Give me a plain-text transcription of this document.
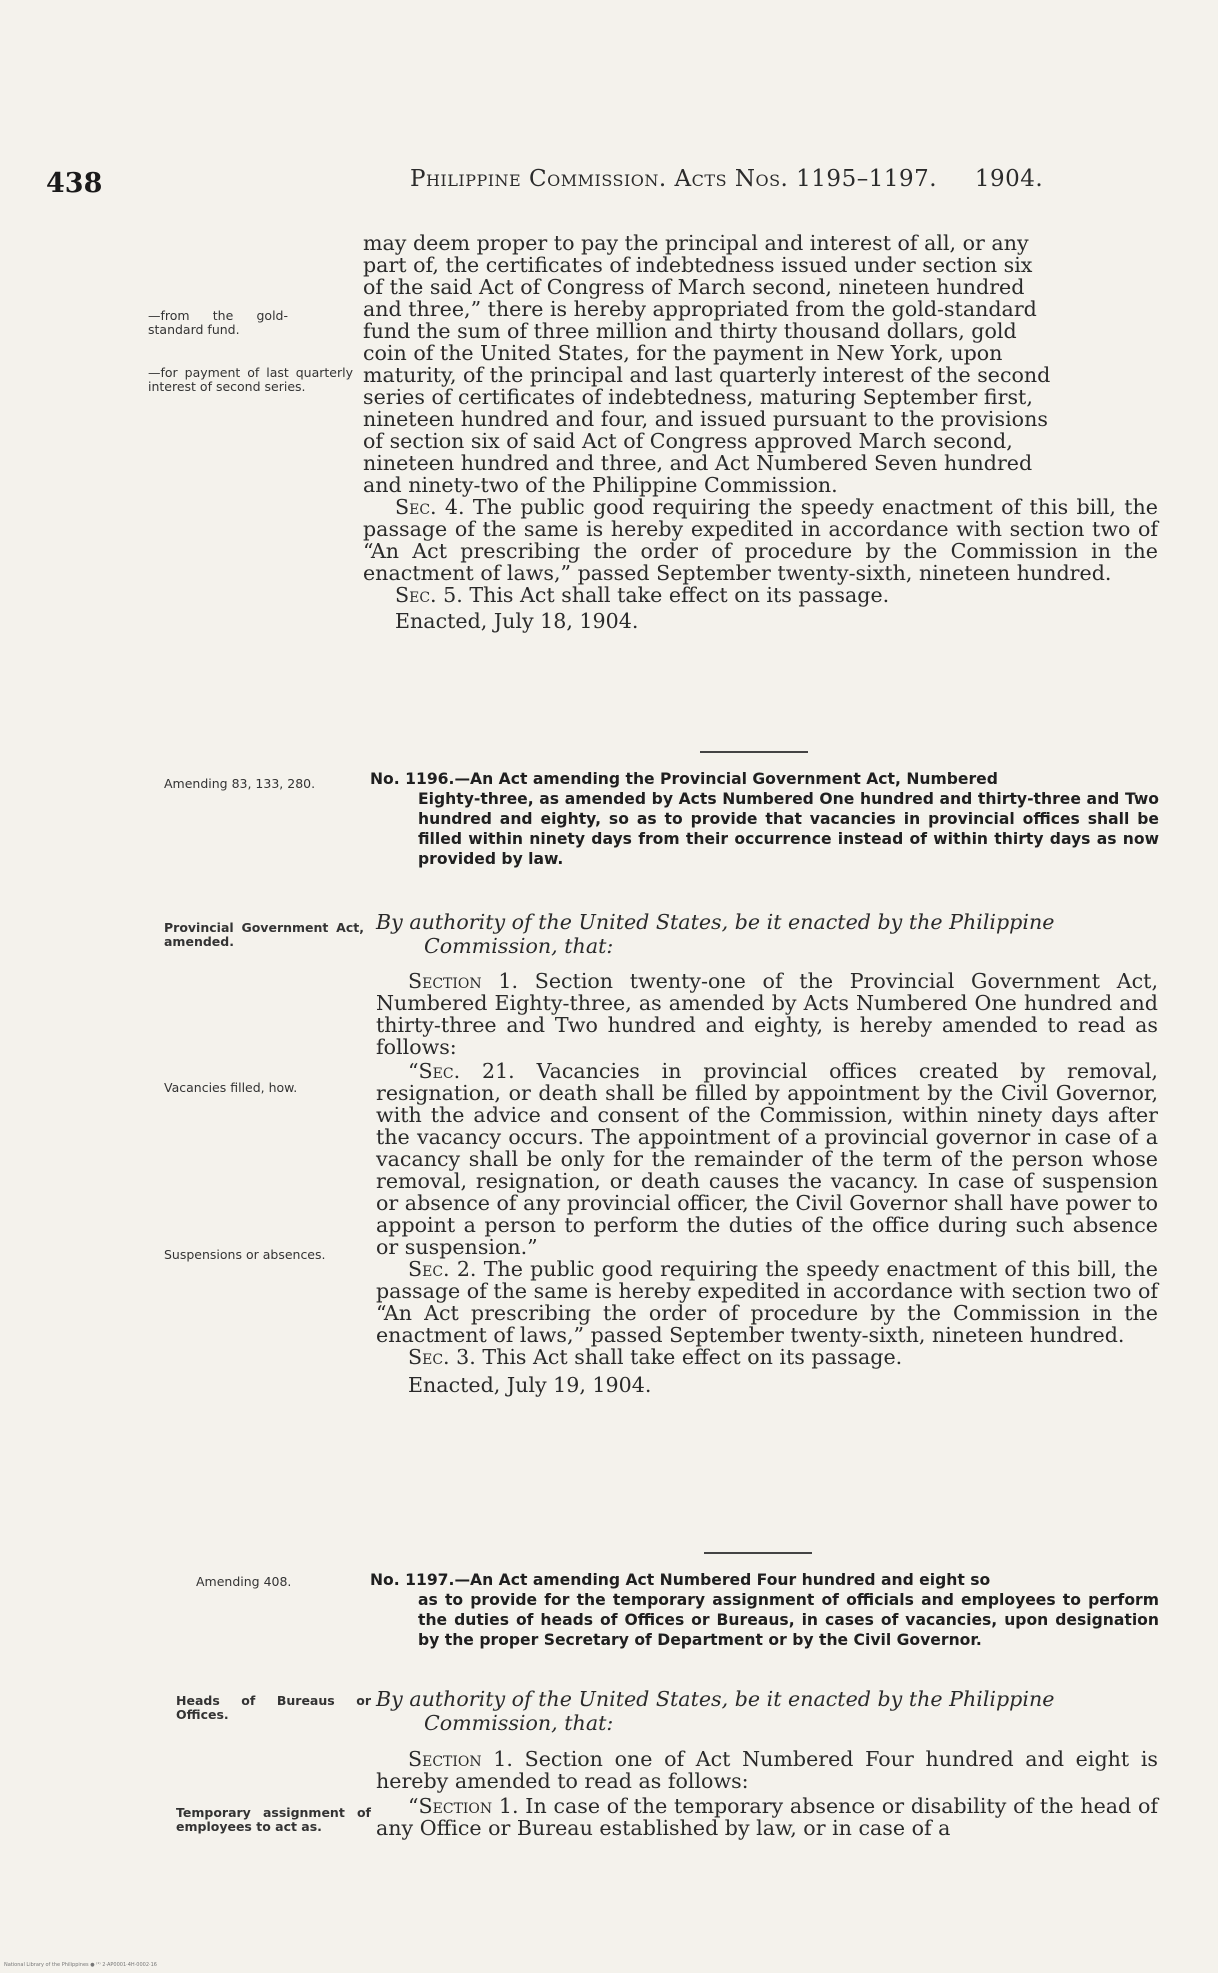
438	Philippine Commission. Acts Nos. 1195–1197. 1904.

may deem proper to pay the principal and interest of all, or any

part of, the certificates of indebtedness issued under section six

of the said Act of Congress of March second, nineteen hundred

and three,” there is hereby appropriated from the gold-standard

fund the sum of three million and thirty thousand dollars, gold

coin of the United States, for the payment in New York, upon

maturity, of the principal and last quarterly interest of the second

series of certificates of indebtedness, maturing September first,

nineteen hundred and four, and issued pursuant to the provisions

of section six of said Act of Congress approved March second,

nineteen hundred and three, and Act Numbered Seven hundred

and ninety-two of the Philippine Commission.

Sec. 4. The public good requiring the speedy enactment of this bill, the passage of the same is hereby expedited in accordance with section two of “An Act prescribing the order of procedure by the Commission in the enactment of laws,” passed September twenty-sixth, nineteen hundred.

Sec. 5. This Act shall take effect on its passage.

Enacted, July 18, 1904.

No. 1196.—An Act amending the Provincial Government Act, Numbered
Eighty-three, as amended by Acts Numbered One hundred and thirty-three and Two hundred and eighty, so as to provide that vacancies in provincial offices shall be filled within ninety days from their occurrence instead of within thirty days as now provided by law.
By authority of the United States, be it enacted by the Philippine
Commission, that:

Section 1. Section twenty-one of the Provincial Government Act, Numbered Eighty-three, as amended by Acts Numbered One hundred and thirty-three and Two hundred and eighty, is hereby amended to read as follows:

“Sec. 21. Vacancies in provincial offices created by removal, resignation, or death shall be filled by appointment by the Civil Governor, with the advice and consent of the Commission, within ninety days after the vacancy occurs. The appointment of a provincial governor in case of a vacancy shall be only for the remainder of the term of the person whose removal, resignation, or death causes the vacancy. In case of suspension or absence of any provincial officer, the Civil Governor shall have power to appoint a person to perform the duties of the office during such absence or suspension.”

Sec. 2. The public good requiring the speedy enactment of this bill, the passage of the same is hereby expedited in accordance with section two of “An Act prescribing the order of procedure by the Commission in the enactment of laws,” passed September twenty-sixth, nineteen hundred.

Sec. 3. This Act shall take effect on its passage.

Enacted, July 19, 1904.

No. 1197.—An Act amending Act Numbered Four hundred and eight so
as to provide for the temporary assignment of officials and employees to perform the duties of heads of Offices or Bureaus, in cases of vacancies, upon designation by the proper Secretary of Department or by the Civil Governor.
By authority of the United States, be it enacted by the Philippine
Commission, that:

Section 1. Section one of Act Numbered Four hundred and eight is hereby amended to read as follows:

“Section 1. In case of the temporary absence or disability of the head of any Office or Bureau established by law, or in case of a

—from the gold-standard fund.
—for payment of last quarterly interest of second series.
Amending 83, 133, 280.
Provincial Government Act, amended.
Vacancies filled, how.
Suspensions or absences.
Amending 408.
Heads of Bureaus or Offices.
Temporary assignment of employees to act as.
National Library of the Philippines ● ⁽¹⁾ 2·AP0001·4H·0002·16
